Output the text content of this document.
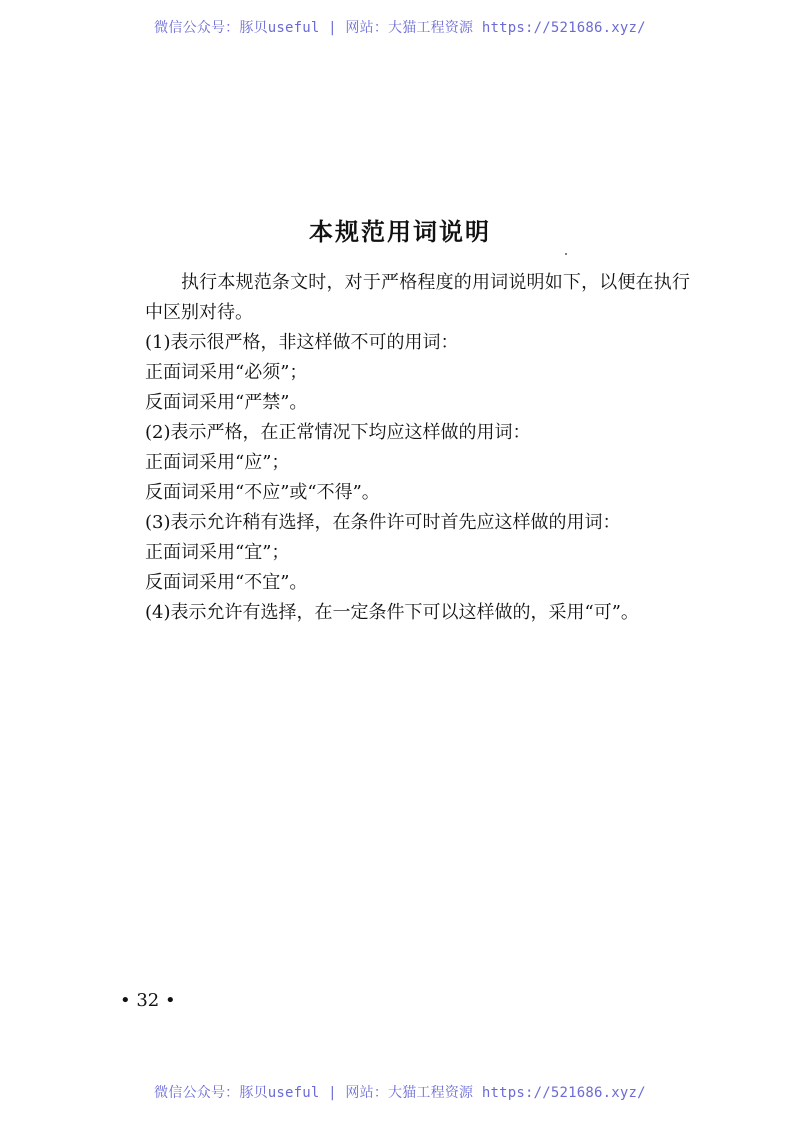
微信公众号：豚贝useful | 网站：大猫工程资源 https://521686.xyz/
本规范用词说明

执行本规范条文时，对于严格程度的用词说明如下，以便在执行中区别对待。

(1)表示很严格，非这样做不可的用词：

正面词采用“必须”；

反面词采用“严禁”。

(2)表示严格，在正常情况下均应这样做的用词：

正面词采用“应”；

反面词采用“不应”或“不得”。

(3)表示允许稍有选择，在条件许可时首先应这样做的用词：

正面词采用“宜”；

反面词采用“不宜”。

(4)表示允许有选择，在一定条件下可以这样做的，采用“可”。

• 32 •
微信公众号：豚贝useful | 网站：大猫工程资源 https://521686.xyz/
